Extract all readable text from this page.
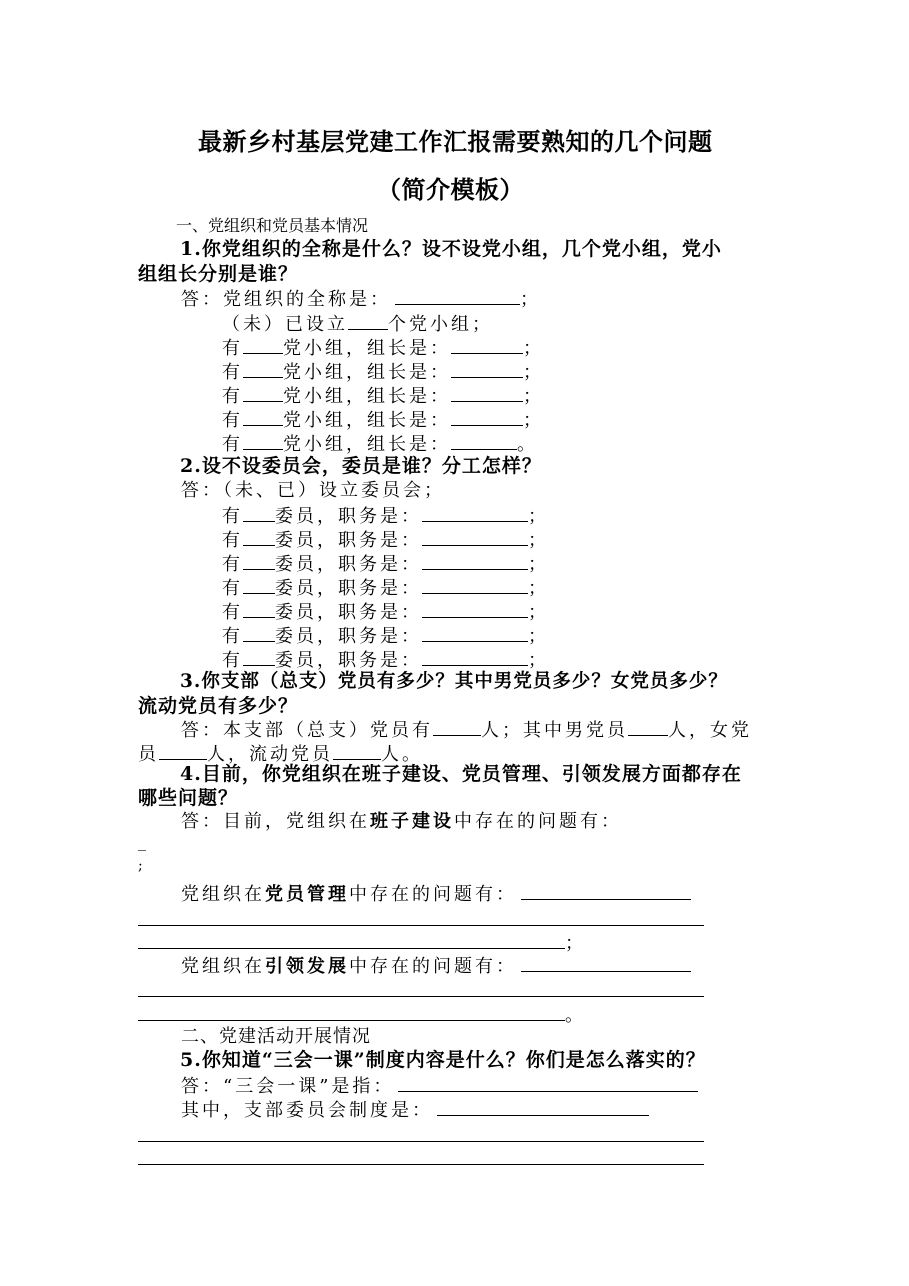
最新乡村基层党建工作汇报需要熟知的几个问题
（简介模板）
一、党组织和党员基本情况
1.你党组织的全称是什么？设不设党小组，几个党小组，党小
组组长分别是谁？
答：党组织的全称是：	；
（未）已设立 个党小组；
有 党小组，组长是：	；
有 党小组，组长是：	；
有 党小组，组长是：	；
有 党小组，组长是：	；
有 党小组，组长是：	。
2.设不设委员会，委员是谁？分工怎样？
答：（未、已）设立委员会；
有 委员，职务是：	；
有 委员，职务是：	；
有 委员，职务是：	；
有 委员，职务是：	；
有 委员，职务是：	；
有 委员，职务是：	；
有 委员，职务是：	；
3.你支部（总支）党员有多少？其中男党员多少？女党员多少？
流动党员有多少？
答：本支部（总支）党员有	人；其中男党员 人，女党
员	人，流动党员	人。
4.目前，你党组织在班子建设、党员管理、引领发展方面都存在
哪些问题？
答：目前，党组织在班子建设中存在的问题有：
_
;
党组织在党员管理中存在的问题有：
；
党组织在引领发展中存在的问题有：
。
二、党建活动开展情况
5.你知道“三会一课”制度内容是什么？你们是怎么落实的？
答：“三会一课”是指：
其中，支部委员会制度是：
